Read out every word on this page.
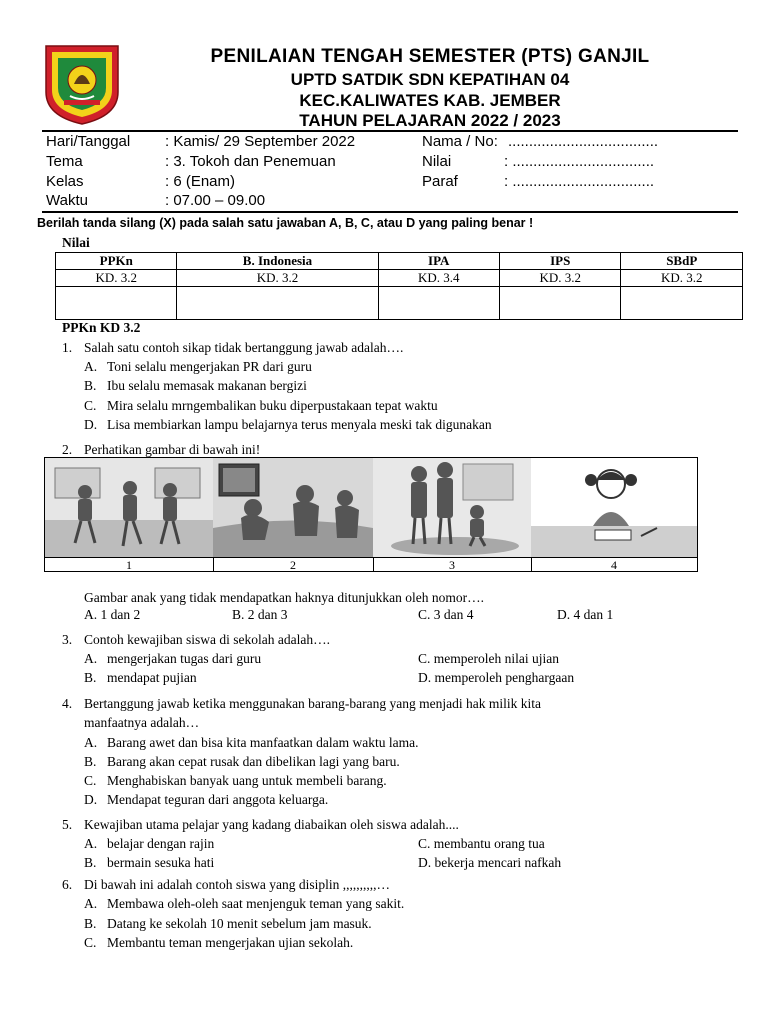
PENILAIAN TENGAH SEMESTER (PTS) GANJIL
UPTD SATDIK SDN KEPATIHAN 04
KEC.KALIWATES KAB. JEMBER
TAHUN PELAJARAN 2022 / 2023
Hari/Tanggal : Kamis/ 29 September 2022
Tema	: 3. Tokoh dan Penemuan
Kelas	: 6 (Enam)
Waktu	: 07.00 – 09.00
Nama / No: ....................................
Nilai	: ..................................
Paraf	: ..................................
Berilah tanda silang (X) pada salah satu jawaban A, B, C, atau D yang paling benar !
Nilai
PPKn	B. Indonesia	IPA	IPS	SBdP
KD. 3.2	KD. 3.2	KD. 3.4	KD. 3.2	KD. 3.2

PPKn KD 3.2
1. Salah satu contoh sikap tidak bertanggung jawab adalah….
A. Toni selalu mengerjakan PR dari guru
B. Ibu selalu memasak makanan bergizi
C. Mira selalu mrngembalikan buku diperpustakaan tepat waktu
D. Lisa membiarkan lampu belajarnya terus menyala meski tak digunakan
2. Perhatikan gambar di bawah ini!
1	2	3	4
Gambar anak yang tidak mendapatkan haknya ditunjukkan oleh nomor….
A. 1 dan 2	B. 2 dan 3	C. 3 dan 4	D. 4 dan 1
3. Contoh kewajiban siswa di sekolah adalah….
A. mengerjakan tugas dari guru
B. mendapat pujian
C. memperoleh nilai ujian
D. memperoleh penghargaan
4. Bertanggung jawab ketika menggunakan barang-barang yang menjadi hak milik kita
manfaatnya adalah…
A. Barang awet dan bisa kita manfaatkan dalam waktu lama.
B. Barang akan cepat rusak dan dibelikan lagi yang baru.
C. Menghabiskan banyak uang untuk membeli barang.
D. Mendapat teguran dari anggota keluarga.
5. Kewajiban utama pelajar yang kadang diabaikan oleh siswa adalah....
A. belajar dengan rajin
B. bermain sesuka hati
C. membantu orang tua
D. bekerja mencari nafkah
6. Di bawah ini adalah contoh siswa yang disiplin ,,,,,,,,,,…
A. Membawa oleh-oleh saat menjenguk teman yang sakit.
B. Datang ke sekolah 10 menit sebelum jam masuk.
C. Membantu teman mengerjakan ujian sekolah.
